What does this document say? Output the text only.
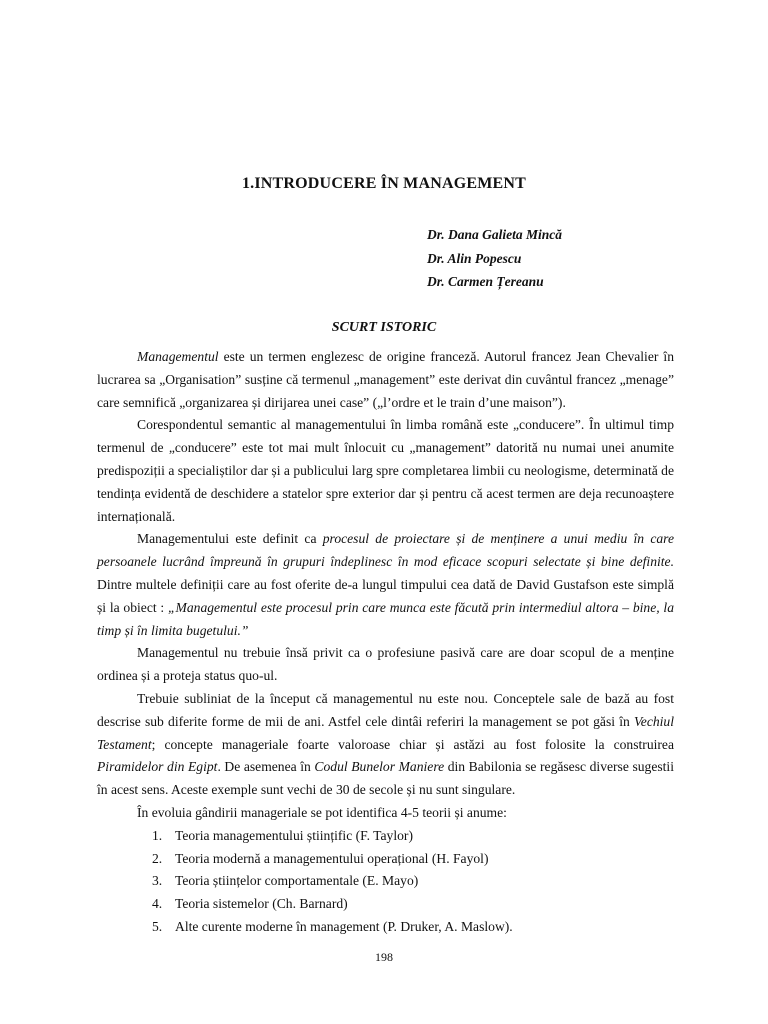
1.INTRODUCERE ÎN MANAGEMENT
Dr. Dana Galieta Mincă
Dr. Alin Popescu
Dr. Carmen Țereanu
SCURT ISTORIC

Managementul este un termen englezesc de origine franceză. Autorul francez Jean Chevalier în lucrarea sa „Organisation” susține că termenul „management” este derivat din cuvântul francez „menage” care semnifică „organizarea și dirijarea unei case” („l’ordre et le train d’une maison”).

Corespondentul semantic al managementului în limba română este „conducere”. În ultimul timp termenul de „conducere” este tot mai mult înlocuit cu „management” datorită nu numai unei anumite predispoziții a specialiștilor dar și a publicului larg spre completarea limbii cu neologisme, determinată de tendința evidentă de deschidere a statelor spre exterior dar și pentru că acest termen are deja recunoaștere internațională.

Managementului este definit ca procesul de proiectare și de menținere a unui mediu în care persoanele lucrând împreună în grupuri îndeplinesc în mod eficace scopuri selectate și bine definite. Dintre multele definiții care au fost oferite de-a lungul timpului cea dată de David Gustafson este simplă și la obiect : „Managementul este procesul prin care munca este făcută prin intermediul altora – bine, la timp și în limita bugetului.”

Managementul nu trebuie însă privit ca o profesiune pasivă care are doar scopul de a menține ordinea și a proteja status quo-ul.

Trebuie subliniat de la început că managementul nu este nou. Conceptele sale de bază au fost descrise sub diferite forme de mii de ani. Astfel cele dintâi referiri la management se pot găsi în Vechiul Testament; concepte manageriale foarte valoroase chiar și astăzi au fost folosite la construirea Piramidelor din Egipt. De asemenea în Codul Bunelor Maniere din Babilonia se regăsesc diverse sugestii în acest sens. Aceste exemple sunt vechi de 30 de secole și nu sunt singulare.

În evoluia gândirii manageriale se pot identifica 4-5 teorii și anume:

1. Teoria managementului științific (F. Taylor)
2. Teoria modernă a managementului operațional (H. Fayol)
3. Teoria științelor comportamentale (E. Mayo)
4. Teoria sistemelor (Ch. Barnard)
5. Alte curente moderne în management (P. Druker, A. Maslow).
198
